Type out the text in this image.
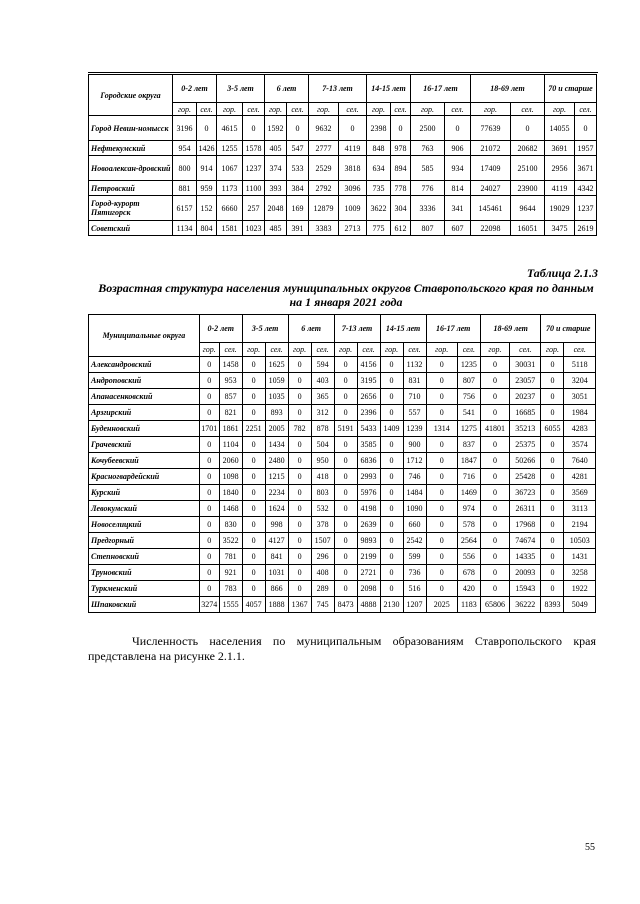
Городские округа	0-2 лет		3-5 лет		6 лет		7-13 лет		14-15 лет		16-17 лет		18-69 лет		70 и старше	
	гор.	сел.	гор.	сел.	гор.	сел.	гор.	сел.	гор.	сел.	гор.	сел.	гор.	сел.	гор.	сел.
Город Невин-номысск	3196	0	4615	0	1592	0	9632	0	2398	0	2500	0	77639	0	14055	0
Нефтекумский	954	1426	1255	1578	405	547	2777	4119	848	978	763	906	21072	20682	3691	1957
Новоалексан-дровский	800	914	1067	1237	374	533	2529	3818	634	894	585	934	17409	25100	2956	3671
Петровский	881	959	1173	1100	393	384	2792	3096	735	778	776	814	24027	23900	4119	4342
Город-курорт Пятигорск	6157	152	6660	257	2048	169	12879	1009	3622	304	3336	341	145461	9644	19029	1237
Советский	1134	804	1581	1023	485	391	3383	2713	775	612	807	607	22098	16051	3475	2619
Таблица 2.1.3
Возрастная структура населения муниципальных округов Ставропольского края по данным на 1 января 2021 года
Муниципальные округа	0-2 лет		3-5 лет		6 лет		7-13 лет		14-15 лет		16-17 лет		18-69 лет		70 и старше	
	гор.	сел.	гор.	сел.	гор.	сел.	гор.	сел.	гор.	сел.	гор.	сел.	гор.	сел.	гор.	сел.
Александровский	0	1458	0	1625	0	594	0	4156	0	1132	0	1235	0	30031	0	5118
Андроповский	0	953	0	1059	0	403	0	3195	0	831	0	807	0	23057	0	3204
Апанасенковский	0	857	0	1035	0	365	0	2656	0	710	0	756	0	20237	0	3051
Арзгирский	0	821	0	893	0	312	0	2396	0	557	0	541	0	16685	0	1984
Буденновский	1701	1861	2251	2005	782	878	5191	5433	1409	1239	1314	1275	41801	35213	6055	4283
Грачевский	0	1104	0	1434	0	504	0	3585	0	900	0	837	0	25375	0	3574
Кочубеевский	0	2060	0	2480	0	950	0	6836	0	1712	0	1847	0	50266	0	7640
Красногвардейский	0	1098	0	1215	0	418	0	2993	0	746	0	716	0	25428	0	4281
Курский	0	1840	0	2234	0	803	0	5976	0	1484	0	1469	0	36723	0	3569
Левокумский	0	1468	0	1624	0	532	0	4198	0	1090	0	974	0	26311	0	3113
Новоселицкий	0	830	0	998	0	378	0	2639	0	660	0	578	0	17968	0	2194
Предгорный	0	3522	0	4127	0	1507	0	9893	0	2542	0	2564	0	74674	0	10503
Степновский	0	781	0	841	0	296	0	2199	0	599	0	556	0	14335	0	1431
Труновский	0	921	0	1031	0	408	0	2721	0	736	0	678	0	20093	0	3258
Туркменский	0	783	0	866	0	289	0	2098	0	516	0	420	0	15943	0	1922
Шпаковский	3274	1555	4057	1888	1367	745	8473	4888	2130	1207	2025	1183	65806	36222	8393	5049
Численность населения по муниципальным образованиям Ставропольского края представлена на рисунке 2.1.1.
55
